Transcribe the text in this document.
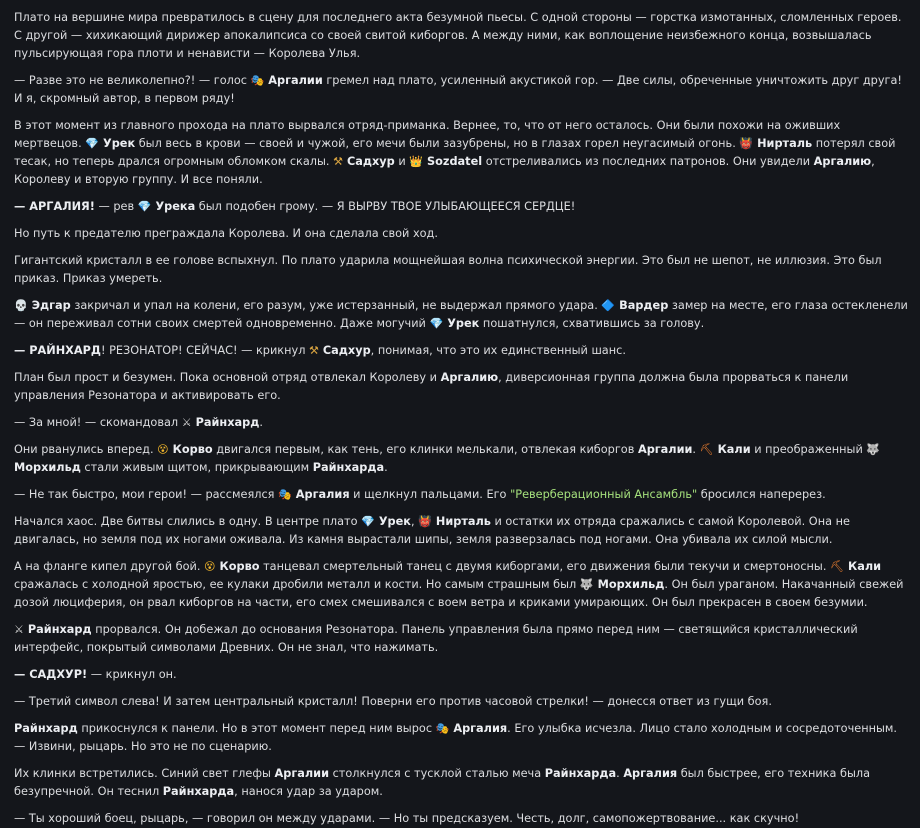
Плато на вершине мира превратилось в сцену для последнего акта безумной пьесы. С одной стороны — горстка измотанных, сломленных героев. С другой — хихикающий дирижер апокалипсиса со своей свитой киборгов. А между ними, как воплощение неизбежного конца, возвышалась пульсирующая гора плоти и ненависти — Королева Улья.

— Разве это не великолепно?! — голос 🎭 Аргалии гремел над плато, усиленный акустикой гор. — Две силы, обреченные уничтожить друг друга! И я, скромный автор, в первом ряду!

В этот момент из главного прохода на плато вырвался отряд-приманка. Вернее, то, что от него осталось. Они были похожи на оживших мертвецов. 💎 Урек был весь в крови — своей и чужой, его мечи были зазубрены, но в глазах горел неугасимый огонь. 👹 Нирталь потерял свой тесак, но теперь дрался огромным обломком скалы. ⚒ Садхур и 👑 Sozdatel отстреливались из последних патронов. Они увидели Аргалию, Королеву и вторую группу. И все поняли.

— АРГАЛИЯ! — рев 💎 Урека был подобен грому. — Я ВЫРВУ ТВОЕ УЛЫБАЮЩЕЕСЯ СЕРДЦЕ!

Но путь к предателю преграждала Королева. И она сделала свой ход.

Гигантский кристалл в ее голове вспыхнул. По плато ударила мощнейшая волна психической энергии. Это был не шепот, не иллюзия. Это был приказ. Приказ умереть.

💀 Эдгар закричал и упал на колени, его разум, уже истерзанный, не выдержал прямого удара. 🔷 Вардер замер на месте, его глаза остекленели — он переживал сотни своих смертей одновременно. Даже могучий 💎 Урек пошатнулся, схватившись за голову.

— РАЙНХАРД! РЕЗОНАТОР! СЕЙЧАС! — крикнул ⚒ Садхур, понимая, что это их единственный шанс.

План был прост и безумен. Пока основной отряд отвлекал Королеву и Аргалию, диверсионная группа должна была прорваться к панели управления Резонатора и активировать его.

— За мной! — скомандовал ⚔ Райнхард.

Они рванулись вперед. 😵 Корво двигался первым, как тень, его клинки мелькали, отвлекая киборгов Аргалии. ⛏ Кали и преображенный 🐺Морхильд стали живым щитом, прикрывающим Райнхарда.

— Не так быстро, мои герои! — рассмеялся 🎭 Аргалия и щелкнул пальцами. Его "Реверберационный Ансамбль" бросился наперерез.

Начался хаос. Две битвы слились в одну. В центре плато 💎 Урек, 👹 Нирталь и остатки их отряда сражались с самой Королевой. Она не двигалась, но земля под их ногами оживала. Из камня вырастали шипы, земля разверзалась под ногами. Она убивала их силой мысли.

А на фланге кипел другой бой. 😵 Корво танцевал смертельный танец с двумя киборгами, его движения были текучи и смертоносны. ⛏ Кали сражалась с холодной яростью, ее кулаки дробили металл и кости. Но самым страшным был 🐺 Морхильд. Он был ураганом. Накачанный свежей дозой люциферия, он рвал киборгов на части, его смех смешивался с воем ветра и криками умирающих. Он был прекрасен в своем безумии.

⚔ Райнхард прорвался. Он добежал до основания Резонатора. Панель управления была прямо перед ним — светящийся кристаллический интерфейс, покрытый символами Древних. Он не знал, что нажимать.

— САДХУР! — крикнул он.

— Третий символ слева! И затем центральный кристалл! Поверни его против часовой стрелки! — донесся ответ из гущи боя.

Райнхард прикоснулся к панели. Но в этот момент перед ним вырос 🎭 Аргалия. Его улыбка исчезла. Лицо стало холодным и сосредоточенным.
— Извини, рыцарь. Но это не по сценарию.

Их клинки встретились. Синий свет глефы Аргалии столкнулся с тусклой сталью меча Райнхарда. Аргалия был быстрее, его техника была безупречной. Он теснил Райнхарда, нанося удар за ударом.

— Ты хороший боец, рыцарь, — говорил он между ударами. — Но ты предсказуем. Честь, долг, самопожертвование... как скучно!
